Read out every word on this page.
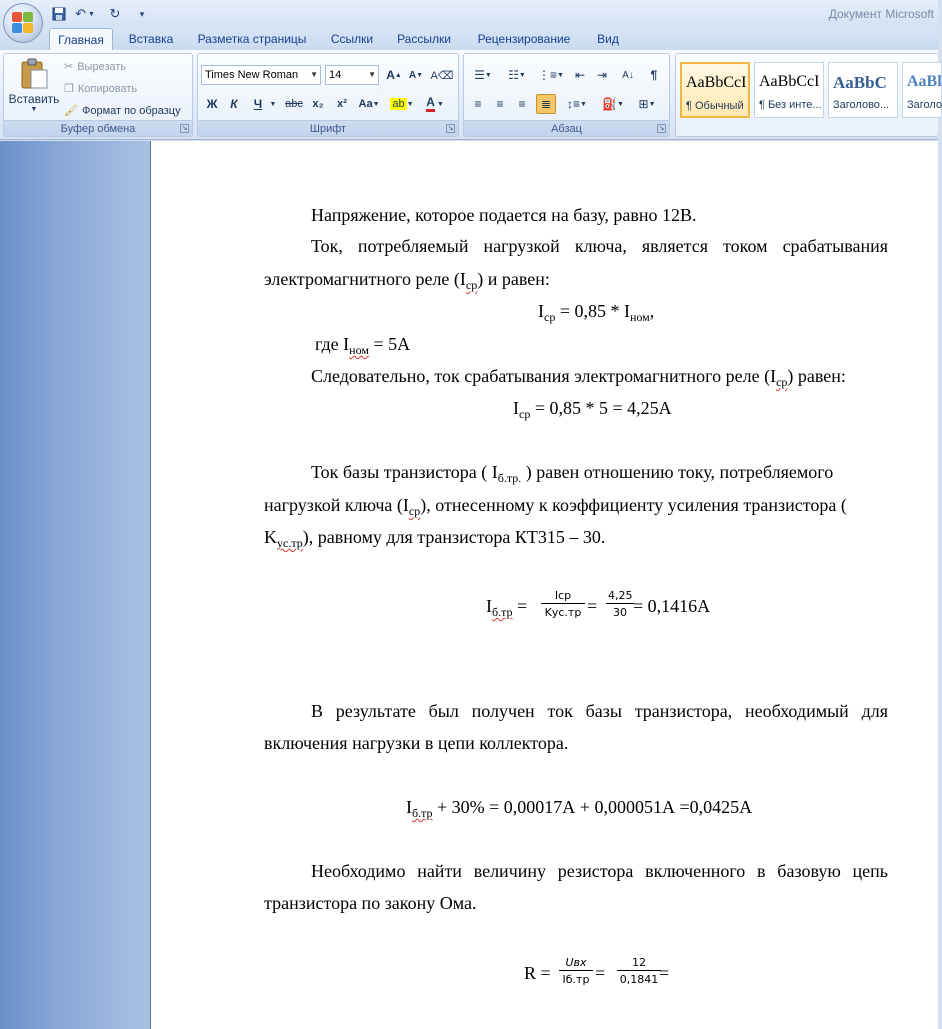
↶ ▼ ↻	▾	Документ Microsoft
Главная	Вставка	Разметка страницы	Ссылки	Рассылки	Рецензирование	Вид
Вставить
▼
✂ Вырезать
❐ Копировать
🖌 Формат по образцу
Буфер обмена	↘
Times New Roman ▼	14	▼ A ▲ A ▼ A⌫
Ж	К	Ч	▼ abc x₂	x²	Aa ▼ ab ▼ A ▼
Шрифт	↘
☰ ▼ ☷ ▼ ⋮≡ ▼ ⇤ ⇥ A↓ ¶
≡ ≡ ≡ ≣ ↕≡ ▼ ⛽ ▼ ⊞ ▼
Абзац	↘
AaBbCcI
¶ Обычный
AaBbCcI
¶ Без инте...
AaBbC
Заголово...
AaBl
Заголо
Напряжение, которое подается на базу, равно 12В.
Ток, потребляемый нагрузкой ключа, является током срабатывания
электромагнитного реле $(I_{ср})$ и равен:
$I_{ср} = 0,85 * I_{ном}$,
где $I_{ном} = 5А$
Следовательно, ток срабатывания электромагнитного реле $(I_{ср})$ равен:
$I_{ср} = 0,85 * 5 = 4,25А$
Ток базы транзистора ( $I_{б.тр.}$ ) равен отношению току, потребляемого
нагрузкой ключа $(I_{ср})$, отнесенному к коэффициенту усиления транзистора (
$K_{ус.тр}$), равному для транзистора КТ315 – 30.
$I_{б.тр}$ =
Iср
$Kус.тр = \frac{4,25}{30} = 0,1416А$
В результате был получен ток базы транзистора, необходимый для
включения нагрузки в цепи коллектора.
$I_{б.тр} + 30\% = 0,00017А + 0,000051А =0,0425А$
Необходимо найти величину резистора включенного в базовую цепь
транзистора по закону Ома.
R =
Uвх
$Iб.тр = \frac{12}{0,1841}$
=
